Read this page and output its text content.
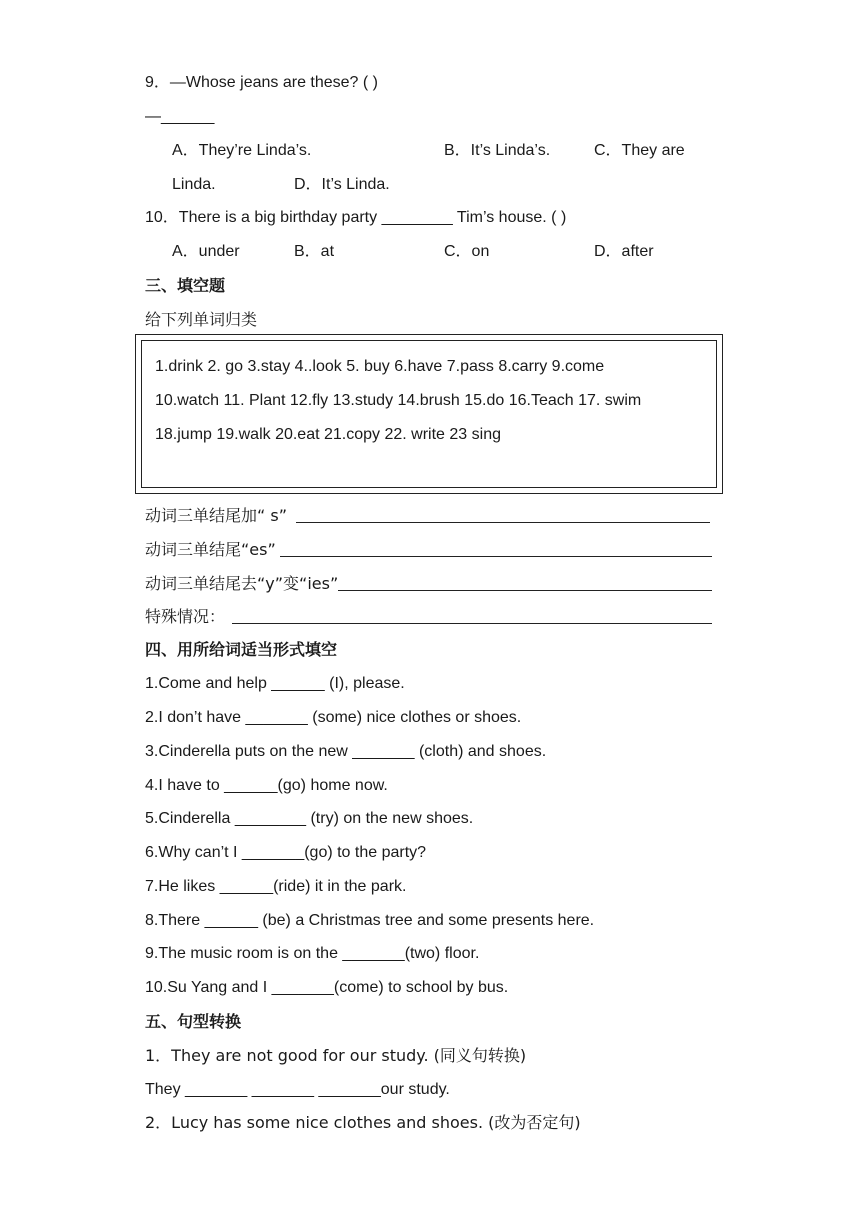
9．—Whose jeans are these? ( )
—______
A．They’re Linda’s.	B．It’s Linda’s.	C．They are
Linda.	D．It’s Linda.
10．There is a big birthday party ________ Tim’s house. ( )
A．under	B．at	C．on	D．after
三、填空题
给下列单词归类
1.drink 2. go 3.stay 4..look 5. buy 6.have 7.pass 8.carry 9.come
10.watch 11. Plant 12.fly 13.study 14.brush 15.do 16.Teach 17. swim
18.jump 19.walk 20.eat 21.copy 22. write 23 sing
动词三单结尾加“ s”
动词三单结尾“es”
动词三单结尾去“y”变“ies”
特殊情况：
四、用所给词适当形式填空
1.Come and help ______ (I), please.
2.I don’t have _______ (some) nice clothes or shoes.
3.Cinderella puts on the new _______ (cloth) and shoes.
4.I have to ______(go) home now.
5.Cinderella ________ (try) on the new shoes.
6.Why can’t I _______(go) to the party?
7.He likes ______(ride) it in the park.
8.There ______ (be) a Christmas tree and some presents here.
9.The music room is on the _______(two) floor.
10.Su Yang and I _______(come) to school by bus.
五、句型转换
1．They are not good for our study. (同义句转换)
They _______ _______ _______our study.
2．Lucy has some nice clothes and shoes. (改为否定句)
